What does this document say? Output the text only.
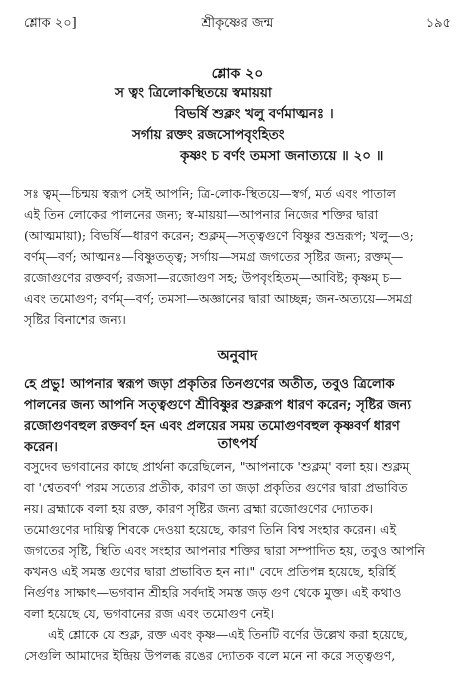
শ্লোক ২০]	শ্রীকৃষ্ণের জন্ম	১৯৫
শ্লোক ২০
স ত্বং ত্রিলোকস্থিতয়ে স্বমায়য়া
বিভর্ষি শুক্লং খলু বর্ণমাত্মনঃ ।
সর্গায় রক্তং রজসোপবৃংহিতং
কৃষ্ণং চ বর্ণং তমসা জনাত্যয়ে ॥ ২০ ॥
সঃ ত্বম্—চিন্ময় স্বরূপ সেই আপনি; ত্রি-লোক-স্থিতয়ে—স্বর্গ, মর্ত এবং পাতাল
এই তিন লোকের পালনের জন্য; স্ব-মায়য়া—আপনার নিজের শক্তির দ্বারা
(আত্মমায়া); বিভর্ষি—ধারণ করেন; শুক্লম্—সত্ত্বগুণে বিষ্ণুর শুভ্ররূপ; খলু—ও;
বর্ণম্—বর্ণ; আত্মনঃ—বিষ্ণুতত্ত্ব; সর্গায়—সমগ্র জগতের সৃষ্টির জন্য; রক্তম্—
রজোগুণের রক্তবর্ণ; রজসা—রজোগুণ সহ; উপবৃংহিতম্—আবিষ্ট; কৃষ্ণম্ চ—
এবং তমোগুণ; বর্ণম্—বর্ণ; তমসা—অজ্ঞানের দ্বারা আচ্ছন্ন; জন-অত্যয়ে—সমগ্র
সৃষ্টির বিনাশের জন্য।
অনুবাদ
হে প্রভু! আপনার স্বরূপ জড়া প্রকৃতির তিনগুণের অতীত, তবুও ত্রিলোক
পালনের জন্য আপনি সত্ত্বগুণে শ্রীবিষ্ণুর শুক্লরূপ ধারণ করেন; সৃষ্টির জন্য
রজোগুণবহুল রক্তবর্ণ হন এবং প্রলয়ের সময় তমোগুণবহুল কৃষ্ণবর্ণ ধারণ
করেন।	তাৎপর্য
বসুদেব ভগবানের কাছে প্রার্থনা করেছিলেন, "আপনাকে 'শুক্লম্' বলা হয়। শুক্লম্
বা 'শ্বেতবর্ণ' পরম সত্যের প্রতীক, কারণ তা জড়া প্রকৃতির গুণের দ্বারা প্রভাবিত
নয়। ব্রহ্মাকে বলা হয় রক্ত, কারণ সৃষ্টির জন্য ব্রহ্মা রজোগুণের দ্যোতক।
তমোগুণের দায়িত্ব শিবকে দেওয়া হয়েছে, কারণ তিনি বিশ্ব সংহার করেন। এই
জগতের সৃষ্টি, স্থিতি এবং সংহার আপনার শক্তির দ্বারা সম্পাদিত হয়, তবুও আপনি
কখনও এই সমস্ত গুণের দ্বারা প্রভাবিত হন না।" বেদে প্রতিপন্ন হয়েছে, হরির্হি
নির্গুণঃ সাক্ষাৎ—ভগবান শ্রীহরি সর্বদাই সমস্ত জড় গুণ থেকে মুক্ত। এই কথাও
বলা হয়েছে যে, ভগবানের রজ এবং তমোগুণ নেই।
এই শ্লোকে যে শুক্ল, রক্ত এবং কৃষ্ণ—এই তিনটি বর্ণের উল্লেখ করা হয়েছে,
সেগুলি আমাদের ইন্দ্রিয় উপলব্ধ রঙের দ্যোতক বলে মনে না করে সত্ত্বগুণ,
